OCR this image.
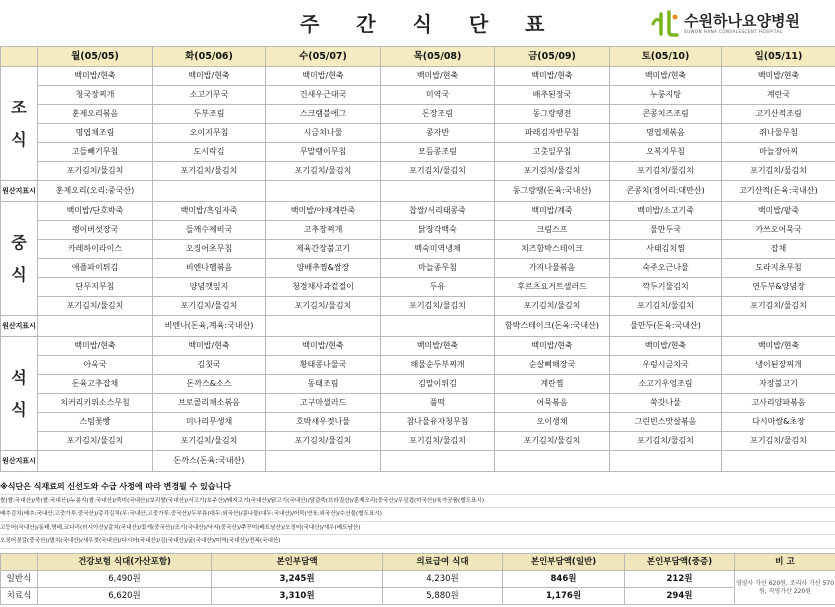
주 간 식 단 표	수원하나요양병원
SUWON HANA CONVALESCENT HOSPITAL
	월(05/05)	화(05/06)	수(05/07)	목(05/08)	금(05/09)	토(05/10)	일(05/11)
조

식	백미밥/현축	백미밥/현축	백미밥/현축	백미밥/현축	백미밥/현축	백미밥/현축	백미밥/현축
	청국장찌개	소고기무국	건새우근대국	미역국	배추된장국	누룽지탕	계란국
	훈제오리볶음	두부조림	스크램블에그	돈장조림	동그랑땡전	콘콩치즈조림	고기산적조림
	명엽채조림	오이지무침	시금치나물	콩자반	파래김자반무침	명엽채볶음	쥐나물무침
	고들빼기무침	도시락김	무말랭이무침	모듬콩조림	고춧잎무침	오복지무침	마늘장아찌
	포기김치/물김치	포기김치/물김치	포기김치/물김치	포기김치/물김치	포기김치/물김치	포기김치/물김치	포기김치/물김치
원산지표시	훈제오리(오리:중국산)				동그랑땡(돈육:국내산)	콘콩치(정어리:대만산)	고기산적(돈육:국내산)
중

식	백미밥/단호박죽	백미밥/흑임자죽	백미밥/야채계란죽	찹쌀/서리태콩죽	백미밥/계죽	백미밥/소고기죽	백미밥/팥죽
	팽이버섯장국	들깨수제비국	고추장찌개	닭장각백숙	크림스프	물만두국	가쓰오어묵국
	카레하이라이스	오징어초무침	제육간장불고기	백숙미역냉채	치즈함박스테이크	사태김치찜	잡채
	애플파이튀김	비엔나햄볶음	양배추찜&쌈장	마늘종무침	가지나물볶음	숙주오근나물	도라지초무침
	단무지무침	양념깻잎지	청경채사과겉절이	두유	후르츠요거트샐러드	깍두기물김치	연두부&양념장
	포기김치/물김치	포기김치/물김치	포기김치/물김치	포기김치/물김치	포기김치/물김치	포기김치/물김치	포기김치/물김치
원산지표시		비엔나(돈육,계육:국내산)			함박스테이크(돈육:국내산)	물만두(돈육:국내산)	
석

식	백미밥/현축	백미밥/현축	백미밥/현축	백미밥/현축	백미밥/현축	백미밥/현축	백미밥/현축
	아욱국	김칫국	황태콩나물국	해물순두부찌개	순살뼈해장국	우렁시금치국	냉이된장찌개
	돈육고추잡채	돈까스&소스	동태조림	김말이튀김	계란찜	소고기우엉조림	자장불고기
	치커리키위소스무침	브로콜리채소볶음	고구마샐러드	풀떡	어묵볶음	쑥갓나물	고사리양파볶음
	스팀꽃빵	미나리무생채	호박새우젓나물	참나물유자청무침	오이생채	그린빈스맛살볶음	다시마쌈&초장
	포기김치/물김치	포기김치/물김치	포기김치/물김치	포기김치/물김치	포기김치/물김치	포기김치/물김치	포기김치/물김치
원산지표시		돈까스(돈육:국내산)					
※식단은 식재료의 신선도와 수급 사정에 따라 변경될 수 있습니다
쌀(쌀:국내산)/죽(쌀:국내산)/누룽지(쌀:국내산)/죽미(국내산)/보리쌀(국내산)/서고기(호주산)/돼지고기(국내산)/닭고기(국내산)/달걀죽(브라질산)/훈제오리(중국산)/우삼겹(미국산)/육가공품(별도표시)
배추김치(배추:국내산,고춧가루:중국산)/총각김치(무:국내산,고춧가루:중국산)/두부류(대두:외국산)/콩나물(대두:국내산)/어묵(연육:외국산)/수산물(별도표시)
고등어(국내산)/동태,명태,코다리(러시아산)/갈치(국내산)/꽃게(중국산)/조기(국내산)/낙지(중국산)/쭈꾸미(베트남산)/오징어(국내산)/새우(베트남산)
오징어젓갈(중국산)/멸치(국내산)/새우젓(국내산)/다시마(국내산)/김(국내산)/굴(국내산)/미역(국내산)/전복(국내산)
	건강보험 식대(가산포함)	본인부담액	의료급여 식대	본인부담액(일반)	본인부담액(중증)	비 고
일반식	6,490원	3,245원	4,230원	846원	212원	영양사 가산 620원, 조리사 가산 570원, 직영가산 220원
치료식	6,620원	3,310원	5,880원	1,176원	294원	
